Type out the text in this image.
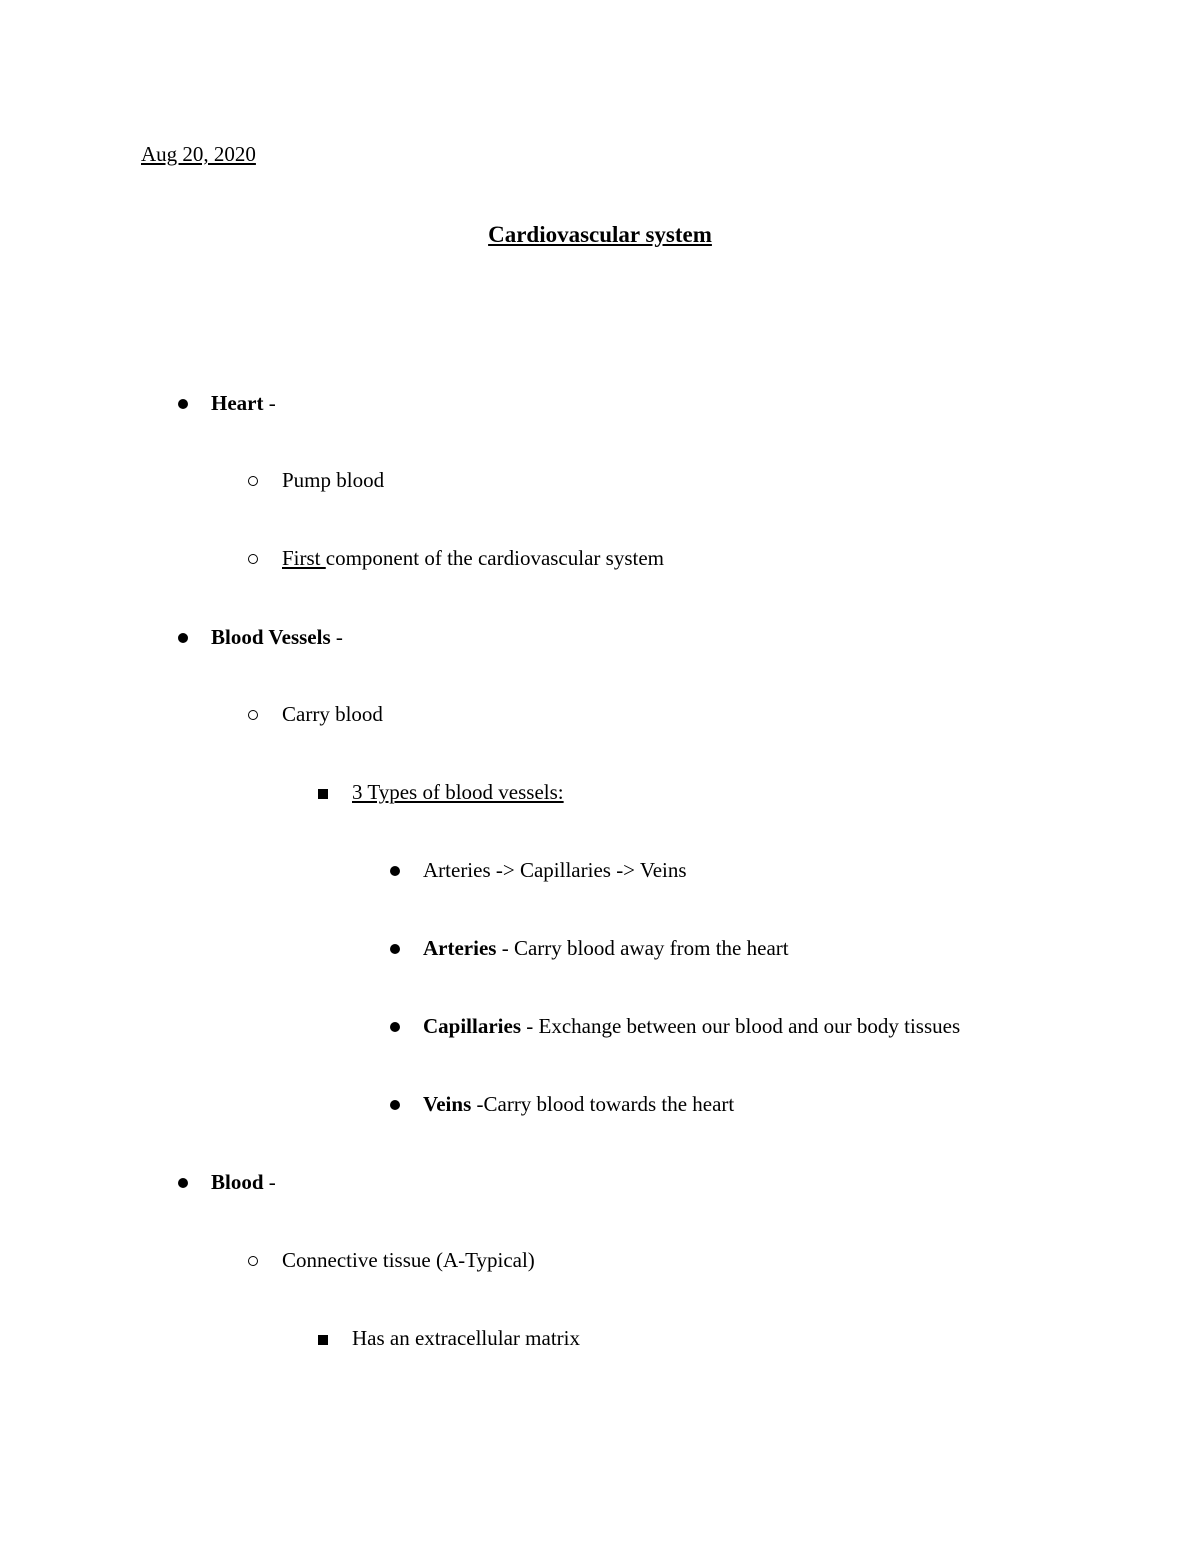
Aug 20, 2020
Cardiovascular system
Heart -
Pump blood
First component of the cardiovascular system
Blood Vessels -
Carry blood
3 Types of blood vessels:
Arteries -> Capillaries -> Veins
Arteries - Carry blood away from the heart
Capillaries - Exchange between our blood and our body tissues
Veins -Carry blood towards the heart
Blood -
Connective tissue (A-Typical)
Has an extracellular matrix
